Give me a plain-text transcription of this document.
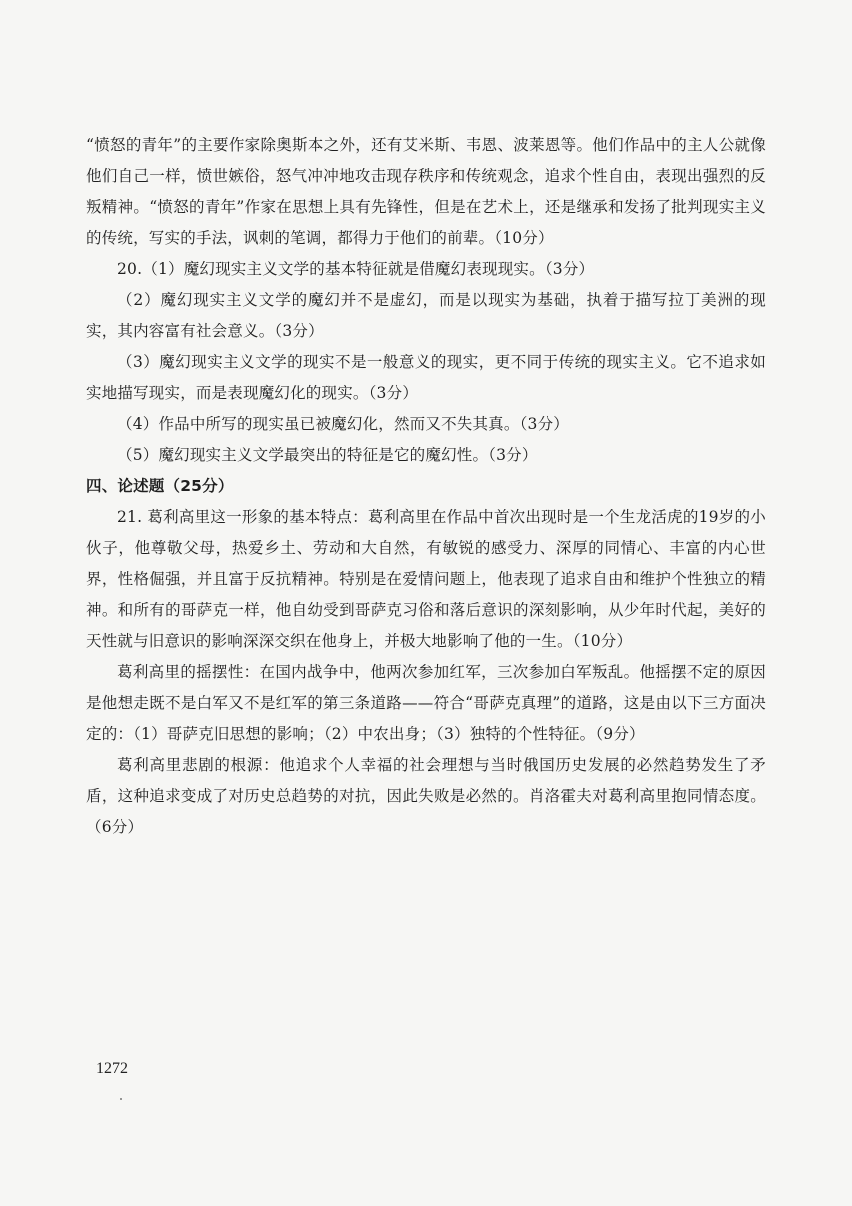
“愤怒的青年”的主要作家除奥斯本之外，还有艾米斯、韦恩、波莱恩等。他们作品中的主人公就像他们自己一样，愤世嫉俗，怒气冲冲地攻击现存秩序和传统观念，追求个性自由，表现出强烈的反叛精神。“愤怒的青年”作家在思想上具有先锋性，但是在艺术上，还是继承和发扬了批判现实主义的传统，写实的手法，讽刺的笔调，都得力于他们的前辈。（10分）

20.（1）魔幻现实主义文学的基本特征就是借魔幻表现现实。（3分）

（2）魔幻现实主义文学的魔幻并不是虚幻，而是以现实为基础，执着于描写拉丁美洲的现实，其内容富有社会意义。（3分）

（3）魔幻现实主义文学的现实不是一般意义的现实，更不同于传统的现实主义。它不追求如实地描写现实，而是表现魔幻化的现实。（3分）

（4）作品中所写的现实虽已被魔幻化，然而又不失其真。（3分）

（5）魔幻现实主义文学最突出的特征是它的魔幻性。（3分）

四、论述题（25分）

21. 葛利高里这一形象的基本特点：葛利高里在作品中首次出现时是一个生龙活虎的19岁的小伙子，他尊敬父母，热爱乡土、劳动和大自然，有敏锐的感受力、深厚的同情心、丰富的内心世界，性格倔强，并且富于反抗精神。特别是在爱情问题上，他表现了追求自由和维护个性独立的精神。和所有的哥萨克一样，他自幼受到哥萨克习俗和落后意识的深刻影响，从少年时代起，美好的天性就与旧意识的影响深深交织在他身上，并极大地影响了他的一生。（10分）

葛利高里的摇摆性：在国内战争中，他两次参加红军，三次参加白军叛乱。他摇摆不定的原因是他想走既不是白军又不是红军的第三条道路——符合“哥萨克真理”的道路，这是由以下三方面决定的：（1）哥萨克旧思想的影响；（2）中农出身；（3）独特的个性特征。（9分）

葛利高里悲剧的根源：他追求个人幸福的社会理想与当时俄国历史发展的必然趋势发生了矛盾，这种追求变成了对历史总趋势的对抗，因此失败是必然的。肖洛霍夫对葛利高里抱同情态度。（6分）

1272
